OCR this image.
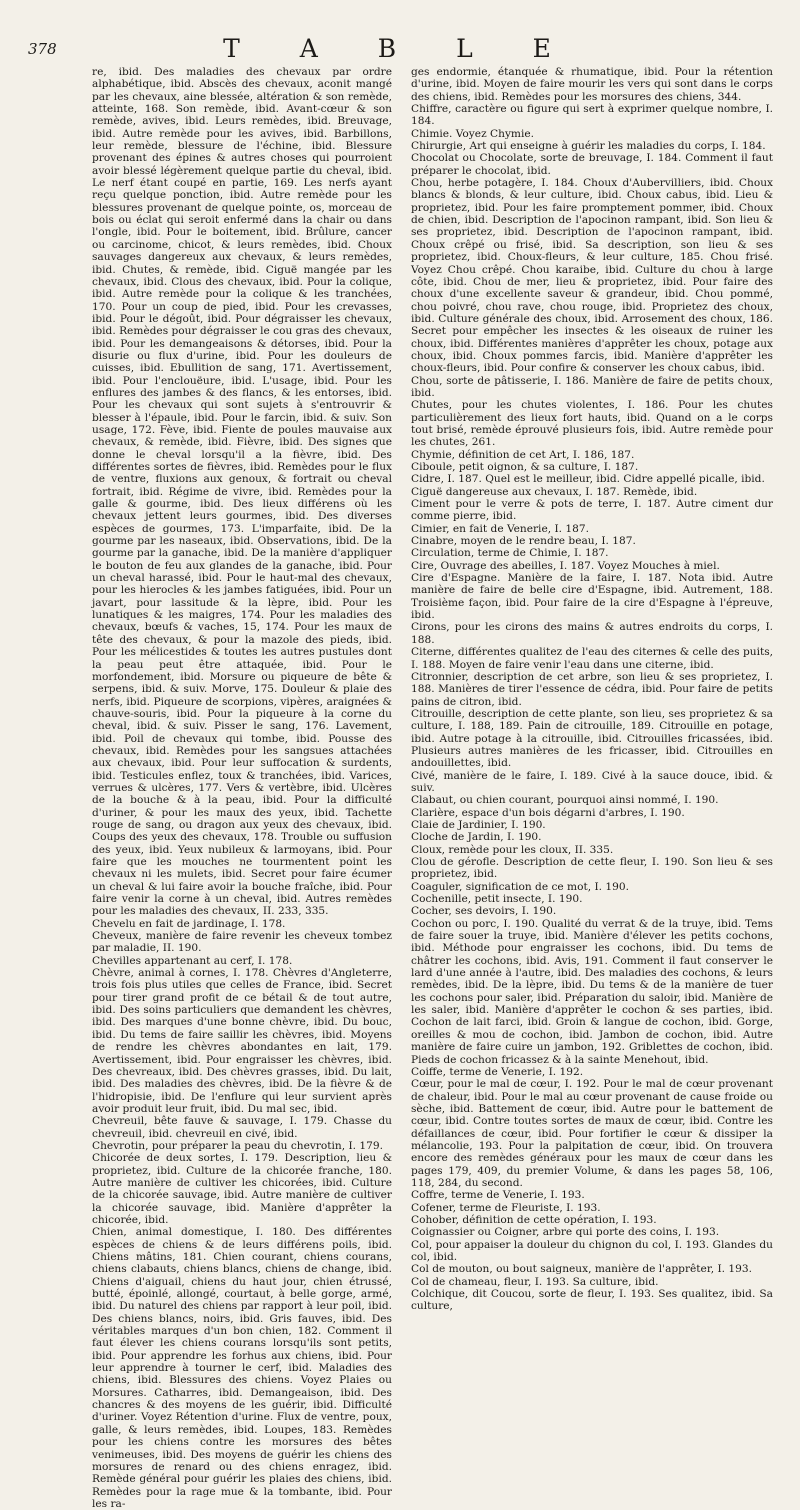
378	T A B L E

re, ibid. Des maladies des chevaux par ordre alphabétique, ibid. Abscès des chevaux, aconit mangé par les chevaux, aine blessée, altération & son remède, atteinte, 168. Son remède, ibid. Avant-cœur & son remède, avives, ibid. Leurs remèdes, ibid. Breuvage, ibid. Autre remède pour les avives, ibid. Barbillons, leur remède, blessure de l'échine, ibid. Blessure provenant des épines & autres choses qui pourroient avoir blessé légèrement quelque partie du cheval, ibid. Le nerf étant coupé en partie, 169. Les nerfs ayant reçu quelque ponction, ibid. Autre remède pour les blessures provenant de quelque pointe, os, morceau de bois ou éclat qui seroit enfermé dans la chair ou dans l'ongle, ibid. Pour le boitement, ibid. Brûlure, cancer ou carcinome, chicot, & leurs remèdes, ibid. Choux sauvages dangereux aux chevaux, & leurs remèdes, ibid. Chutes, & remède, ibid. Ciguë mangée par les chevaux, ibid. Clous des chevaux, ibid. Pour la colique, ibid. Autre remède pour la colique & les tranchées, 170. Pour un coup de pied, ibid. Pour les crevasses, ibid. Pour le dégoût, ibid. Pour dégraisser les chevaux, ibid. Remèdes pour dégraisser le cou gras des chevaux, ibid. Pour les demangeaisons & détorses, ibid. Pour la disurie ou flux d'urine, ibid. Pour les douleurs de cuisses, ibid. Ebullition de sang, 171. Avertissement, ibid. Pour l'enclouëure, ibid. L'usage, ibid. Pour les enflures des jambes & des flancs, & les entorses, ibid. Pour les chevaux qui sont sujets à s'entrouvrir & blesser à l'épaule, ibid. Pour le farcin, ibid. & suiv. Son usage, 172. Fève, ibid. Fiente de poules mauvaise aux chevaux, & remède, ibid. Fièvre, ibid. Des signes que donne le cheval lorsqu'il a la fièvre, ibid. Des différentes sortes de fièvres, ibid. Remèdes pour le flux de ventre, fluxions aux genoux, & fortrait ou cheval fortrait, ibid. Régime de vivre, ibid. Remèdes pour la galle & gourme, ibid. Des lieux différens où les chevaux jettent leurs gourmes, ibid. Des diverses espèces de gourmes, 173. L'imparfaite, ibid. De la gourme par les naseaux, ibid. Observations, ibid. De la gourme par la ganache, ibid. De la manière d'appliquer le bouton de feu aux glandes de la ganache, ibid. Pour un cheval harassé, ibid. Pour le haut-mal des chevaux, pour les hierocles & les jambes fatiguées, ibid. Pour un javart, pour lassitude & la lèpre, ibid. Pour les lunatiques & les maigres, 174. Pour les maladies des chevaux, bœufs & vaches, 15, 174. Pour les maux de tête des chevaux, & pour la mazole des pieds, ibid. Pour les mélicestides & toutes les autres pustules dont la peau peut être attaquée, ibid. Pour le morfondement, ibid. Morsure ou piqueure de bête & serpens, ibid. & suiv. Morve, 175. Douleur & plaie des nerfs, ibid. Piqueure de scorpions, vipères, araignées & chauve-souris, ibid. Pour la piqueure à la corne du cheval, ibid. & suiv. Pisser le sang, 176. Lavement, ibid. Poil de chevaux qui tombe, ibid. Pousse des chevaux, ibid. Remèdes pour les sangsues attachées aux chevaux, ibid. Pour leur suffocation & surdents, ibid. Testicules enflez, toux & tranchées, ibid. Varices, verrues & ulcères, 177. Vers & vertèbre, ibid. Ulcères de la bouche & à la peau, ibid. Pour la difficulté d'uriner, & pour les maux des yeux, ibid. Tachette rouge de sang, ou dragon aux yeux des chevaux, ibid. Coups des yeux des chevaux, 178. Trouble ou suffusion des yeux, ibid. Yeux nubileux & larmoyans, ibid. Pour faire que les mouches ne tourmentent point les chevaux ni les mulets, ibid. Secret pour faire écumer un cheval & lui faire avoir la bouche fraîche, ibid. Pour faire venir la corne à un cheval, ibid. Autres remèdes pour les maladies des chevaux, II. 233, 335.

Chevelu en fait de jardinage, I. 178.

Cheveux, manière de faire revenir les cheveux tombez par maladie, II. 190.

Chevilles appartenant au cerf, I. 178.

Chèvre, animal à cornes, I. 178. Chèvres d'Angleterre, trois fois plus utiles que celles de France, ibid. Secret pour tirer grand profit de ce bétail & de tout autre, ibid. Des soins particuliers que demandent les chèvres, ibid. Des marques d'une bonne chèvre, ibid. Du bouc, ibid. Du tems de faire saillir les chèvres, ibid. Moyens de rendre les chèvres abondantes en lait, 179. Avertissement, ibid. Pour engraisser les chèvres, ibid. Des chevreaux, ibid. Des chèvres grasses, ibid. Du lait, ibid. Des maladies des chèvres, ibid. De la fièvre & de l'hidropisie, ibid. De l'enflure qui leur survient après avoir produit leur fruit, ibid. Du mal sec, ibid.

Chevreuil, bête fauve & sauvage, I. 179. Chasse du chevreuil, ibid. chevreuil en civé, ibid.

Chevrotin, pour préparer la peau du chevrotin, I. 179.

Chicorée de deux sortes, I. 179. Description, lieu & proprietez, ibid. Culture de la chicorée franche, 180. Autre manière de cultiver les chicorées, ibid. Culture de la chicorée sauvage, ibid. Autre manière de cultiver la chicorée sauvage, ibid. Manière d'apprêter la chicorée, ibid.

Chien, animal domestique, I. 180. Des différentes espèces de chiens & de leurs différens poils, ibid. Chiens mâtins, 181. Chien courant, chiens courans, chiens clabauts, chiens blancs, chiens de change, ibid. Chiens d'aiguail, chiens du haut jour, chien étrussé, butté, époinlé, allongé, courtaut, à belle gorge, armé, ibid. Du naturel des chiens par rapport à leur poil, ibid. Des chiens blancs, noirs, ibid. Gris fauves, ibid. Des véritables marques d'un bon chien, 182. Comment il faut élever les chiens courans lorsqu'ils sont petits, ibid. Pour apprendre les forhus aux chiens, ibid. Pour leur apprendre à tourner le cerf, ibid. Maladies des chiens, ibid. Blessures des chiens. Voyez Plaies ou Morsures. Catharres, ibid. Demangeaison, ibid. Des chancres & des moyens de les guérir, ibid. Difficulté d'uriner. Voyez Rétention d'urine. Flux de ventre, poux, galle, & leurs remèdes, ibid. Loupes, 183. Remèdes pour les chiens contre les morsures des bêtes venimeuses, ibid. Des moyens de guérir les chiens des morsures de renard ou des chiens enragez, ibid. Remède général pour guérir les plaies des chiens, ibid. Remèdes pour la rage mue & la tombante, ibid. Pour les ra-

ges endormie, étanquée & rhumatique, ibid. Pour la rétention d'urine, ibid. Moyen de faire mourir les vers qui sont dans le corps des chiens, ibid. Remèdes pour les morsures des chiens, 344.

Chiffre, caractère ou figure qui sert à exprimer quelque nombre, I. 184.

Chimie. Voyez Chymie.

Chirurgie, Art qui enseigne à guérir les maladies du corps, I. 184.

Chocolat ou Chocolate, sorte de breuvage, I. 184. Comment il faut préparer le chocolat, ibid.

Chou, herbe potagère, I. 184. Choux d'Aubervilliers, ibid. Choux blancs & blonds, & leur culture, ibid. Choux cabus, ibid. Lieu & proprietez, ibid. Pour les faire promptement pommer, ibid. Choux de chien, ibid. Description de l'apocinon rampant, ibid. Son lieu & ses proprietez, ibid. Description de l'apocinon rampant, ibid. Choux crêpé ou frisé, ibid. Sa description, son lieu & ses proprietez, ibid. Choux-fleurs, & leur culture, 185. Chou frisé. Voyez Chou crêpé. Chou karaibe, ibid. Culture du chou à large côte, ibid. Chou de mer, lieu & proprietez, ibid. Pour faire des choux d'une excellente saveur & grandeur, ibid. Chou pommé, chou poivré, chou rave, chou rouge, ibid. Proprietez des choux, ibid. Culture générale des choux, ibid. Arrosement des choux, 186. Secret pour empêcher les insectes & les oiseaux de ruiner les choux, ibid. Différentes manières d'apprêter les choux, potage aux choux, ibid. Choux pommes farcis, ibid. Manière d'apprêter les choux-fleurs, ibid. Pour confire & conserver les choux cabus, ibid.

Chou, sorte de pâtisserie, I. 186. Manière de faire de petits choux, ibid.

Chutes, pour les chutes violentes, I. 186. Pour les chutes particulièrement des lieux fort hauts, ibid. Quand on a le corps tout brisé, remède éprouvé plusieurs fois, ibid. Autre remède pour les chutes, 261.

Chymie, définition de cet Art, I. 186, 187.

Ciboule, petit oignon, & sa culture, I. 187.

Cidre, I. 187. Quel est le meilleur, ibid. Cidre appellé picalle, ibid.

Ciguë dangereuse aux chevaux, I. 187. Remède, ibid.

Ciment pour le verre & pots de terre, I. 187. Autre ciment dur comme pierre, ibid.

Cimier, en fait de Venerie, I. 187.

Cinabre, moyen de le rendre beau, I. 187.

Circulation, terme de Chimie, I. 187.

Cire, Ouvrage des abeilles, I. 187. Voyez Mouches à miel.

Cire d'Espagne. Manière de la faire, I. 187. Nota ibid. Autre manière de faire de belle cire d'Espagne, ibid. Autrement, 188. Troisième façon, ibid. Pour faire de la cire d'Espagne à l'épreuve, ibid.

Cirons, pour les cirons des mains & autres endroits du corps, I. 188.

Citerne, différentes qualitez de l'eau des citernes & celle des puits, I. 188. Moyen de faire venir l'eau dans une citerne, ibid.

Citronnier, description de cet arbre, son lieu & ses proprietez, I. 188. Manières de tirer l'essence de cédra, ibid. Pour faire de petits pains de citron, ibid.

Citrouille, description de cette plante, son lieu, ses proprietez & sa culture, I. 188, 189. Pain de citrouille, 189. Citrouille en potage, ibid. Autre potage à la citrouille, ibid. Citrouilles fricassées, ibid. Plusieurs autres manières de les fricasser, ibid. Citrouilles en andouillettes, ibid.

Civé, manière de le faire, I. 189. Civé à la sauce douce, ibid. & suiv.

Clabaut, ou chien courant, pourquoi ainsi nommé, I. 190.

Clarière, espace d'un bois dégarni d'arbres, I. 190.

Claie de Jardinier, I. 190.

Cloche de Jardin, I. 190.

Cloux, remède pour les cloux, II. 335.

Clou de gérofle. Description de cette fleur, I. 190. Son lieu & ses proprietez, ibid.

Coaguler, signification de ce mot, I. 190.

Cochenille, petit insecte, I. 190.

Cocher, ses devoirs, I. 190.

Cochon ou porc, I. 190. Qualité du verrat & de la truye, ibid. Tems de faire souer la truye, ibid. Manière d'élever les petits cochons, ibid. Méthode pour engraisser les cochons, ibid. Du tems de châtrer les cochons, ibid. Avis, 191. Comment il faut conserver le lard d'une année à l'autre, ibid. Des maladies des cochons, & leurs remèdes, ibid. De la lèpre, ibid. Du tems & de la manière de tuer les cochons pour saler, ibid. Préparation du saloir, ibid. Manière de les saler, ibid. Manière d'apprêter le cochon & ses parties, ibid. Cochon de lait farci, ibid. Groin & langue de cochon, ibid. Gorge, oreilles & mou de cochon, ibid. Jambon de cochon, ibid. Autre manière de faire cuire un jambon, 192. Griblettes de cochon, ibid. Pieds de cochon fricassez & à la sainte Menehout, ibid.

Coiffe, terme de Venerie, I. 192.

Cœur, pour le mal de cœur, I. 192. Pour le mal de cœur provenant de chaleur, ibid. Pour le mal au cœur provenant de cause froide ou sèche, ibid. Battement de cœur, ibid. Autre pour le battement de cœur, ibid. Contre toutes sortes de maux de cœur, ibid. Contre les défaillances de cœur, ibid. Pour fortifier le cœur & dissiper la mélancolie, 193. Pour la palpitation de cœur, ibid. On trouvera encore des remèdes généraux pour les maux de cœur dans les pages 179, 409, du premier Volume, & dans les pages 58, 106, 118, 284, du second.

Coffre, terme de Venerie, I. 193.

Cofener, terme de Fleuriste, I. 193.

Cohober, définition de cette opération, I. 193.

Coignassier ou Coigner, arbre qui porte des coins, I. 193.

Col, pour appaiser la douleur du chignon du col, I. 193. Glandes du col, ibid.

Col de mouton, ou bout saigneux, manière de l'apprêter, I. 193.

Col de chameau, fleur, I. 193. Sa culture, ibid.

Colchique, dit Coucou, sorte de fleur, I. 193. Ses qualitez, ibid. Sa culture,
